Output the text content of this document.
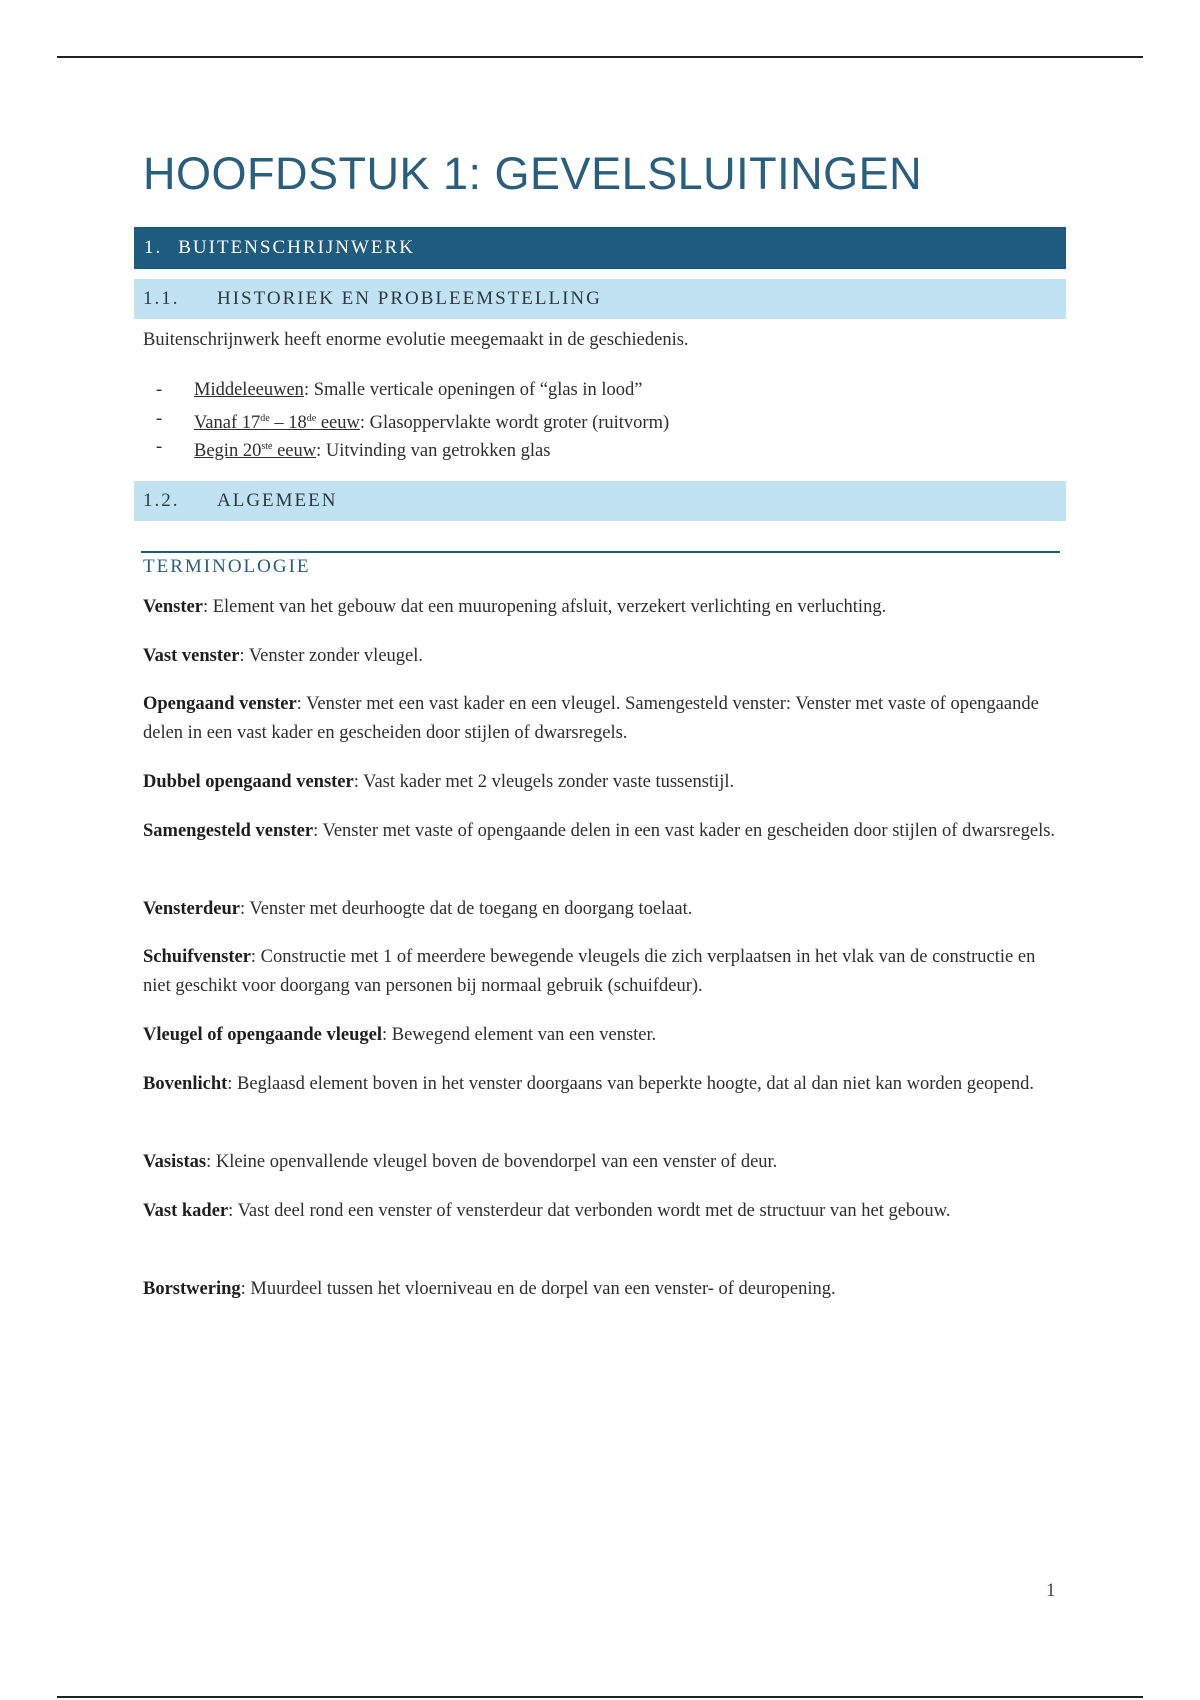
HOOFDSTUK 1: GEVELSLUITINGEN
1. BUITENSCHRIJNWERK
1.1.	HISTORIEK EN PROBLEEMSTELLING

Buitenschrijnwerk heeft enorme evolutie meegemaakt in de geschiedenis.

-	Middeleeuwen: Smalle verticale openingen of “glas in lood”
-	Vanaf 17de – 18de eeuw: Glasoppervlakte wordt groter (ruitvorm)
-	Begin 20ste eeuw: Uitvinding van getrokken glas
1.2.	ALGEMEEN
TERMINOLOGIE

Venster: Element van het gebouw dat een muuropening afsluit, verzekert verlichting en verluchting.

Vast venster: Venster zonder vleugel.

Opengaand venster: Venster met een vast kader en een vleugel. Samengesteld venster: Venster met vaste of opengaande delen in een vast kader en gescheiden door stijlen of dwarsregels.

Dubbel opengaand venster: Vast kader met 2 vleugels zonder vaste tussenstijl.

Samengesteld venster: Venster met vaste of opengaande delen in een vast kader en gescheiden door stijlen of dwarsregels.

Vensterdeur: Venster met deurhoogte dat de toegang en doorgang toelaat.

Schuifvenster: Constructie met 1 of meerdere bewegende vleugels die zich verplaatsen in het vlak van de constructie en niet geschikt voor doorgang van personen bij normaal gebruik (schuifdeur).

Vleugel of opengaande vleugel: Bewegend element van een venster.

Bovenlicht: Beglaasd element boven in het venster doorgaans van beperkte hoogte, dat al dan niet kan worden geopend.

Vasistas: Kleine openvallende vleugel boven de bovendorpel van een venster of deur.

Vast kader: Vast deel rond een venster of vensterdeur dat verbonden wordt met de structuur van het gebouw.

Borstwering: Muurdeel tussen het vloerniveau en de dorpel van een venster- of deuropening.

1
